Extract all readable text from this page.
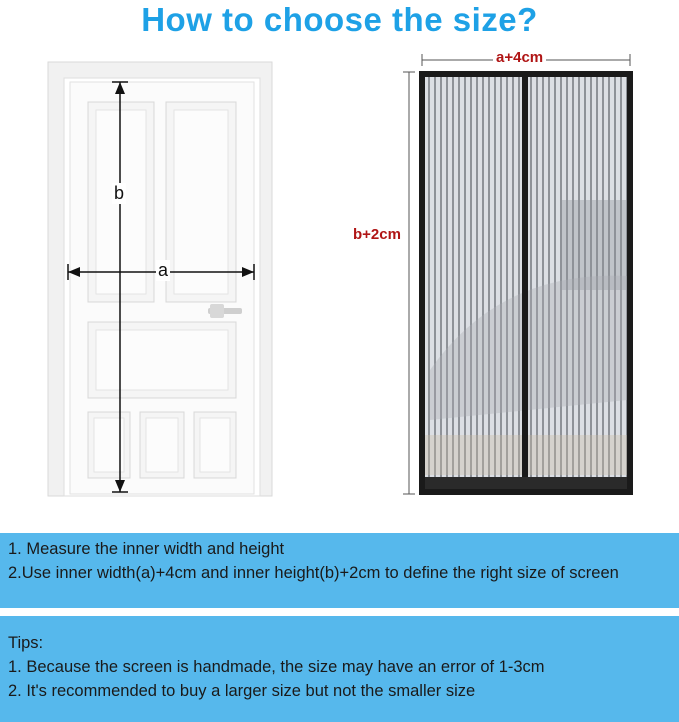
How to choose the size?
b
a
a+4cm
b+2cm

1. Measure the inner width and height

2.Use inner width(a)+4cm and inner height(b)+2cm to define the right size of screen

Tips:

1. Because the screen is handmade, the size may have an error of 1-3cm

2. It's recommended to buy a larger size but not the smaller size
